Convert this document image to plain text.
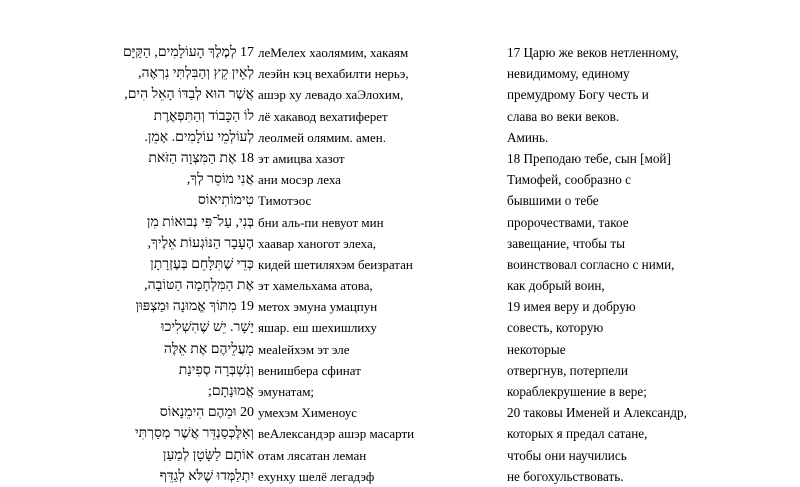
17 לְמֶלֶךְ הָעוֹלָמִים, הַקַּיָּם
לְאֵין קֵץ וְהַבִּלְתִּי נִרְאֶה,
אֲשֶׁר הוּא לְבַדּוֹ הָאֵל הִים,
לוֹ הַכָּבוֹד וְהַתִּפְאֶרֶת
לְעוֹלְמֵי עוֹלָמִים. אָמֵן.
18 אֶת הַמִּצְוָה הַזֹּאת
אֲנִי מוֹסֵר לְךָ,
טִימוֹתִיאוֹס
בְּנִי, עַל־פִּי נְבוּאוֹת מִן
הֶעָבָר הַנּוֹגְעוֹת אֵלֶיךָ,
כְּדֵי שֶׁתִּלָּחֵם בְּעֶזְרָתָן
אֶת הַמִּלְחָמָה הַטּוֹבָה,
19 מִתּוֹךְ אֱמוּנָה וּמַצְפּוּן
יָשָׁר. יֵשׁ שֶׁהִשְׁלִיכוּ
מֵעֲלֵיהֶם אֶת אֵלֶּה
וְנִשְׁבְּרָה סְפִינַת
אֱמוּנָתָם;
20 וּמֵהֶם הִימֵנָאוֹס
וְאַלֶּכְּסַנְדֵּר אֲשֶׁר מְסַרְתִּי
אוֹתָם לַשָּׂטָן לְמַעַן
יִתְלַמְּדוּ שֶׁלֹּא לְגַדֵּף
леМелех хаолямим, хакаям
леэйн кэц вехабилти нерьэ,
ашэр ху левадо хаЭлохим,
лё хакавод вехатиферет
леолмей олямим. амен.
эт амицва хазот
ани моcэр леха
Тимотэос
бни аль-пи невуот мин
хаавар ханогот элеха,
кидей шетиляхэм беизратан
эт хамельхама атова,
метох эмуна умацпун
яшар. еш шехишлиху
мealейхэм эт эле
венишбера сфинат
эмунатам;
умехэм Хименоус
веАлександэр ашэр масарти
отам лясатан леман
ехунху шелё легадэф
17 Царю же веков нетленному,
невидимому, единому
премудрому Богу честь и
слава во веки веков.
Аминь.
18 Преподаю тебе, сын [мой]
Тимофей, сообразно с
бывшими о тебе
пророчествами, такое
завещание, чтобы ты
воинствовал согласно с ними,
как добрый воин,
19 имея веру и добрую
совесть, которую
некоторые
отвергнув, потерпели
кораблекрушение в вере;
20 таковы Именей и Александр,
которых я предал сатане,
чтобы они научились
не богохульствовать.
